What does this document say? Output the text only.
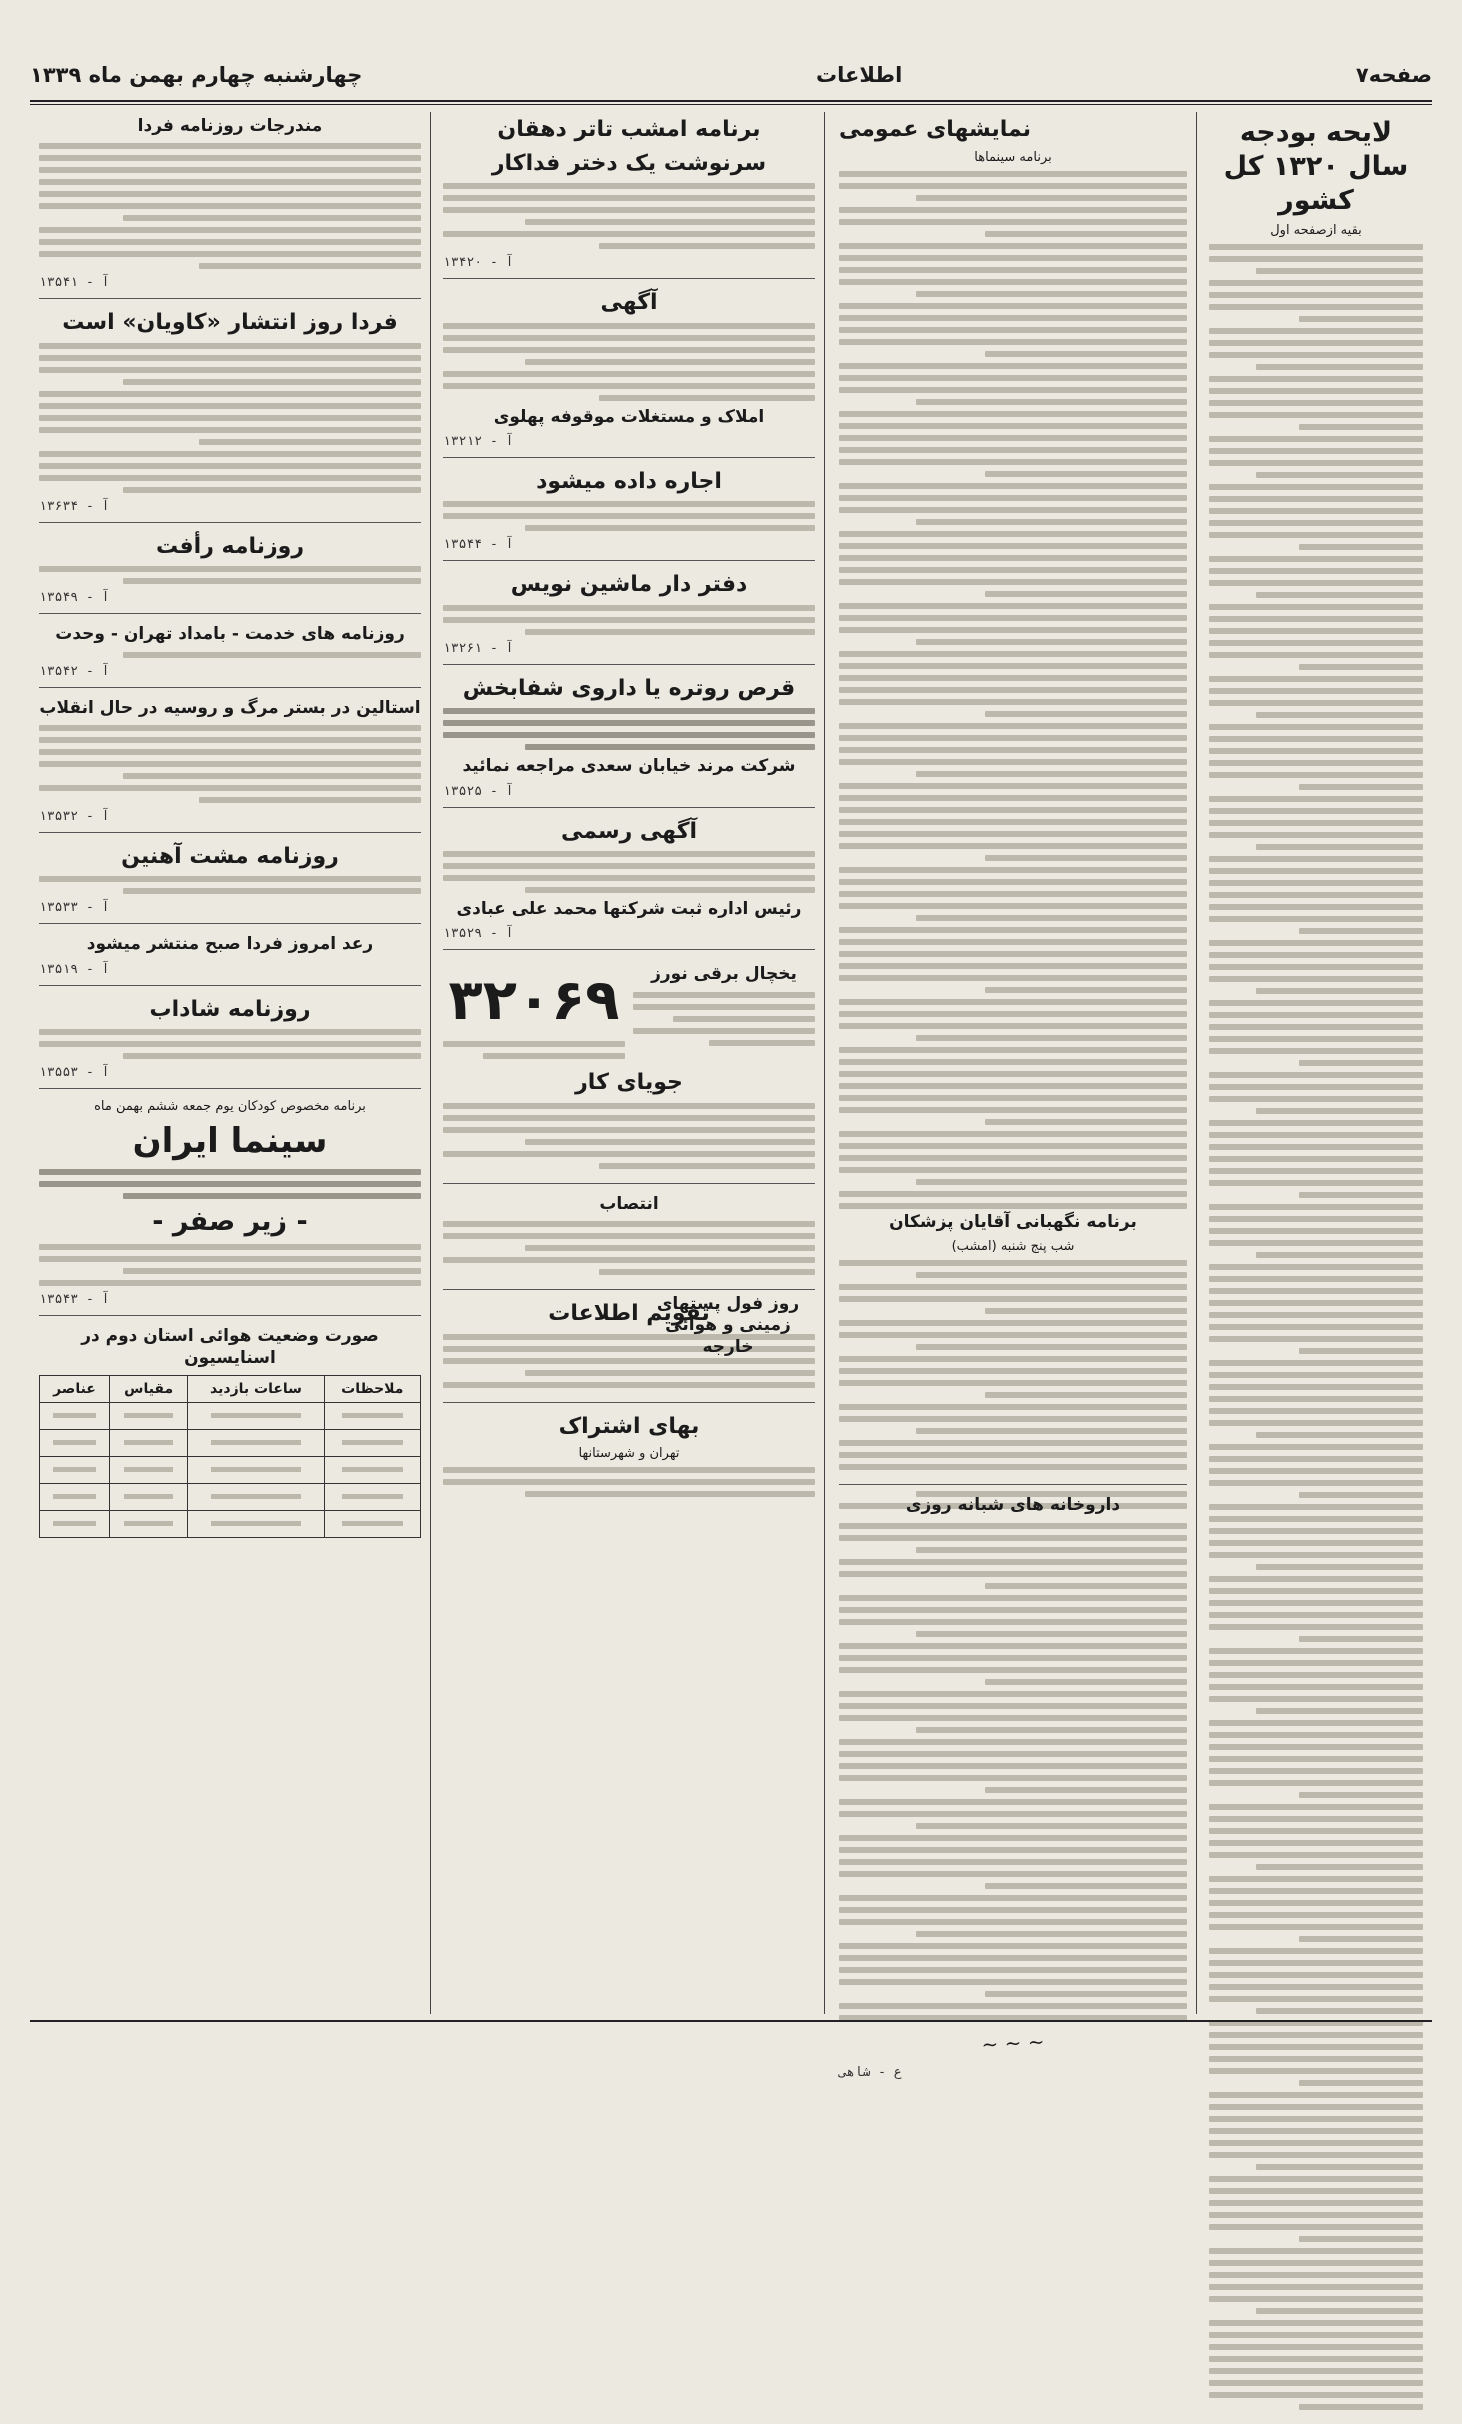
صفحه۷
اطلاعات
چهارشنبه چهارم بهمن ماه ۱۳۳۹
لایحه بودجه سال ۱۳۲۰ کل کشور
بقیه ازصفحه اول
نمایشهای عمومی
برنامه سینماها
برنامه نگهبانی آقایان پزشکان
شب پنج شنبه (امشب)
داروخانه های شبانه روزی
~ ~ ~
ع - شاهی
برنامه امشب تاتر دهقان
سرنوشت یک دختر فداکار
آ - ۱۳۴۲۰
آگهی
املاک و مستغلات موقوفه پهلوی
آ - ۱۳۲۱۲
اجاره داده میشود
آ - ۱۳۵۴۴
دفتر دار ماشین نویس
آ - ۱۳۲۶۱
قرص روتره یا داروی شفابخش
شرکت مرند خیابان سعدی مراجعه نمائید
آ - ۱۳۵۲۵
آگهی رسمی
رئیس اداره ثبت شرکتها محمد علی عبادی
آ - ۱۳۵۲۹
یخچال برقی نورز
۳۲۰۶۹
جویای کار
انتصاب
تقویم اطلاعات
بهای اشتراک
تهران و شهرستانها
روز فول پستهای زمینی و هوائی خارجه
مندرجات روزنامه فردا
آ - ۱۳۵۴۱
فردا روز انتشار «کاویان» است
آ - ۱۳۶۳۴
روزنامه رأفت
آ - ۱۳۵۴۹
روزنامه های خدمت - بامداد تهران - وحدت
آ - ۱۳۵۴۲
استالین در بستر مرگ و روسیه در حال انقلاب
آ - ۱۳۵۳۲
روزنامه مشت آهنین
آ - ۱۳۵۳۳
رعد امروز فردا صبح منتشر میشود
آ - ۱۳۵۱۹
روزنامه شاداب
آ - ۱۳۵۵۳
برنامه مخصوص کودکان یوم جمعه ششم بهمن ماه
سینما ایران
- زیر صفر -
آ - ۱۳۵۴۳
صورت وضعیت هوائی استان دوم در اسنایسیون
ملاحظات	ساعات بازدید	مقیاس	عناصر
